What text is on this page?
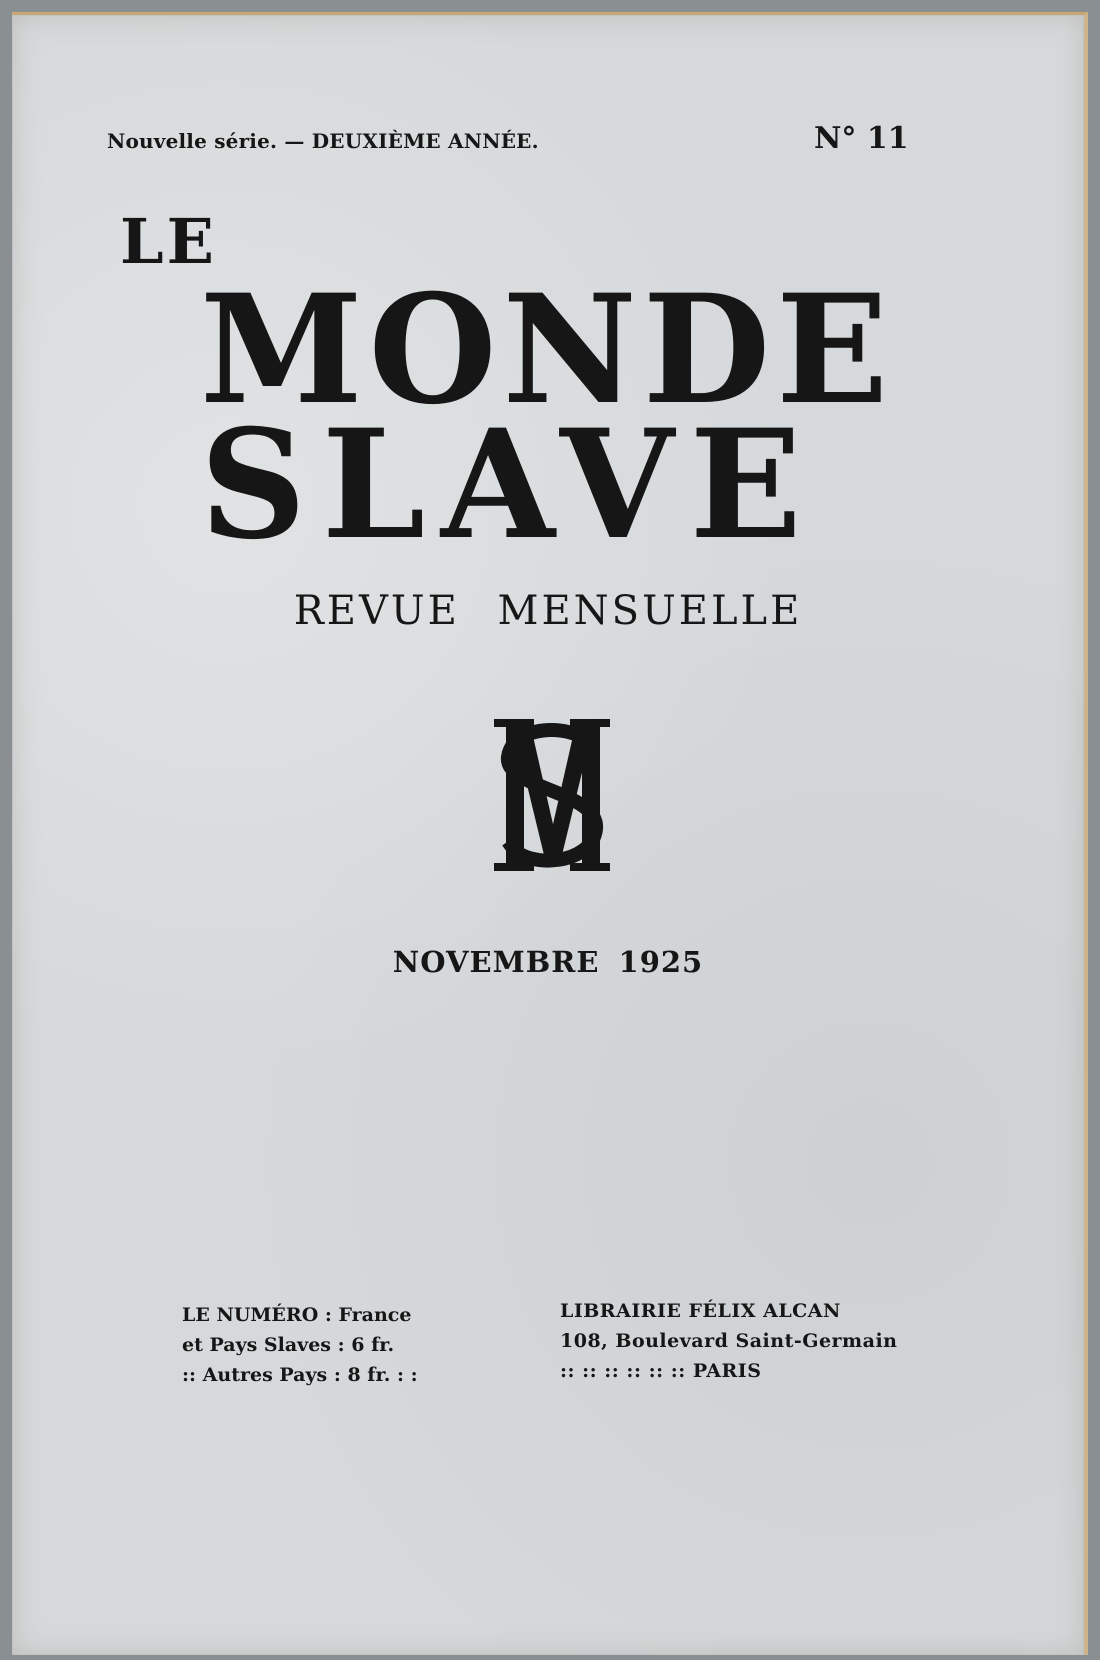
Nouvelle série. — DEUXIÈME ANNÉE.	N° 11
LE
MONDE
SLAVE
REVUE MENSUELLE
NOVEMBRE 1925
LE NUMÉRO : France
et Pays Slaves : 6 fr.
:: Autres Pays : 8 fr. : :
LIBRAIRIE FÉLIX ALCAN
108, Boulevard Saint-Germain
:: :: :: :: :: :: PARIS
